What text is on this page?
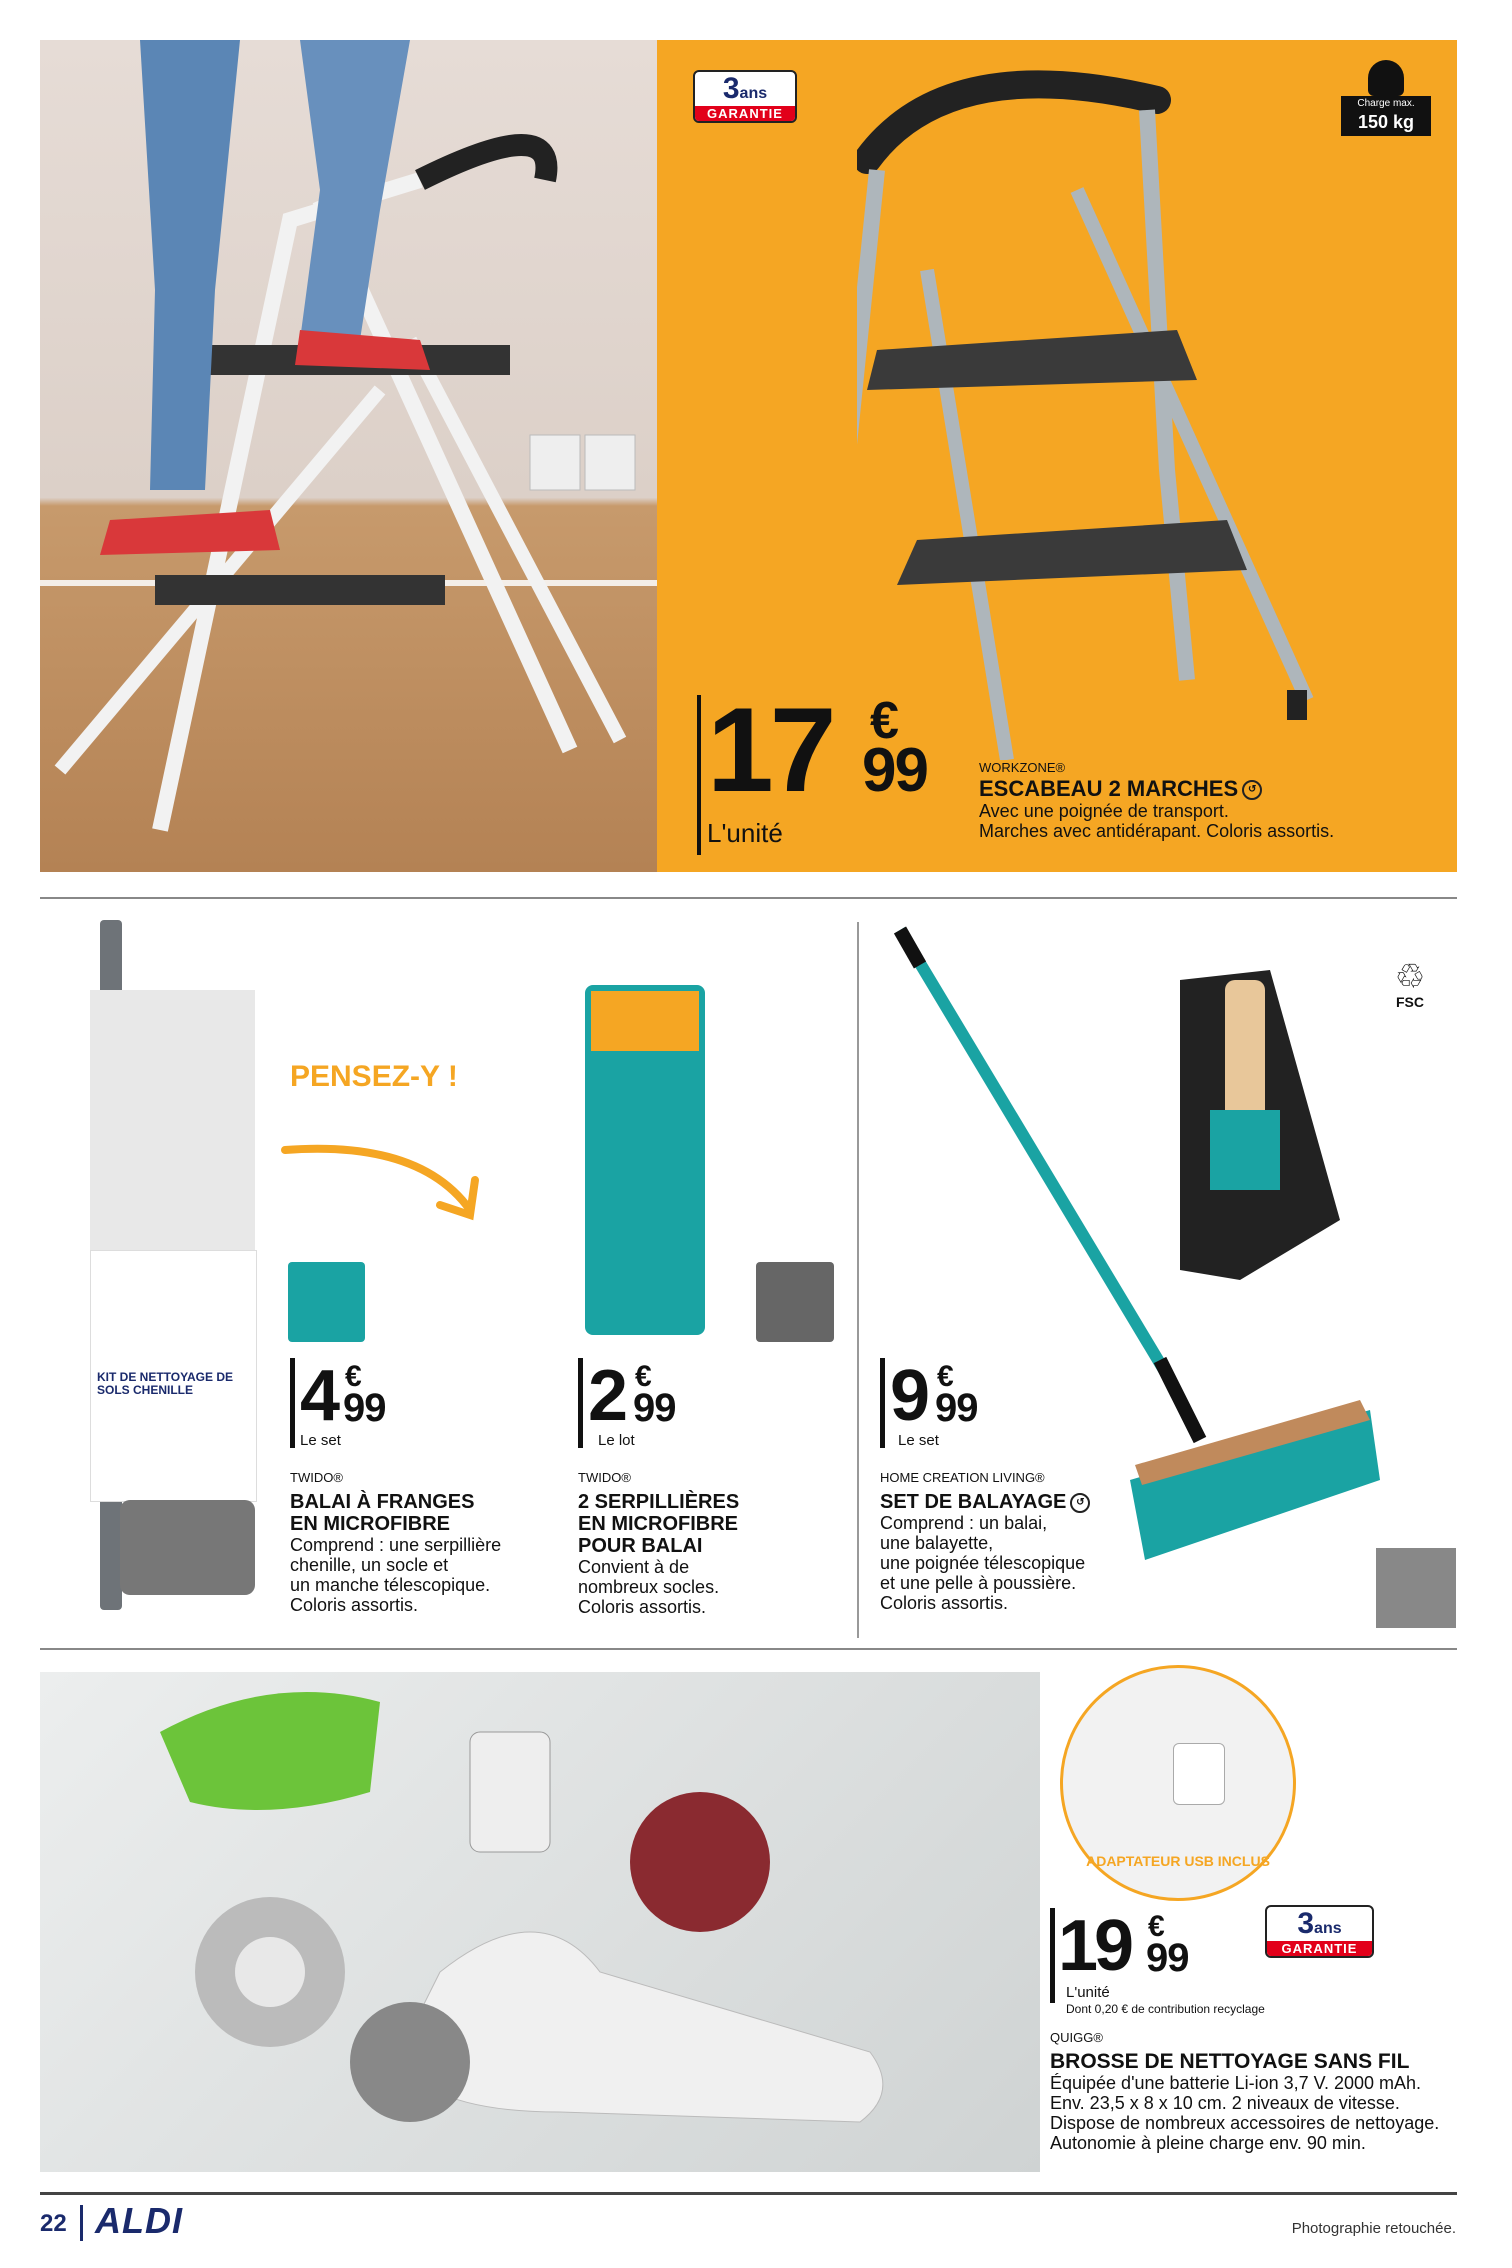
3ans
GARANTIE
Charge max.
150 kg
17 €
99
L'unité
WORKZONE®
ESCABEAU 2 MARCHES ↺
Avec une poignée de transport.
Marches avec antidérapant. Coloris assortis.
KIT DE NETTOYAGE DE SOLS CHENILLE
PENSEZ-Y !
4 €
99
Le set
TWIDO®
BALAI À FRANGES
EN MICROFIBRE
Comprend : une serpillière
chenille, un socle et
un manche télescopique.
Coloris assortis.
2 €
99
Le lot
TWIDO®
2 SERPILLIÈRES
EN MICROFIBRE
POUR BALAI
Convient à de
nombreux socles.
Coloris assortis.
♲
FSC
9 €
99
Le set
HOME CREATION LIVING®
SET DE BALAYAGE ↺
Comprend : un balai,
une balayette,
une poignée télescopique
et une pelle à poussière.
Coloris assortis.
ADAPTATEUR USB INCLUS
3ans
GARANTIE
19 €
99
L'unité
Dont 0,20 € de contribution recyclage
QUIGG®
BROSSE DE NETTOYAGE SANS FIL
Équipée d'une batterie Li-ion 3,7 V. 2000 mAh.
Env. 23,5 x 8 x 10 cm. 2 niveaux de vitesse.
Dispose de nombreux accessoires de nettoyage.
Autonomie à pleine charge env. 90 min.
22 ALDI	Photographie retouchée.
